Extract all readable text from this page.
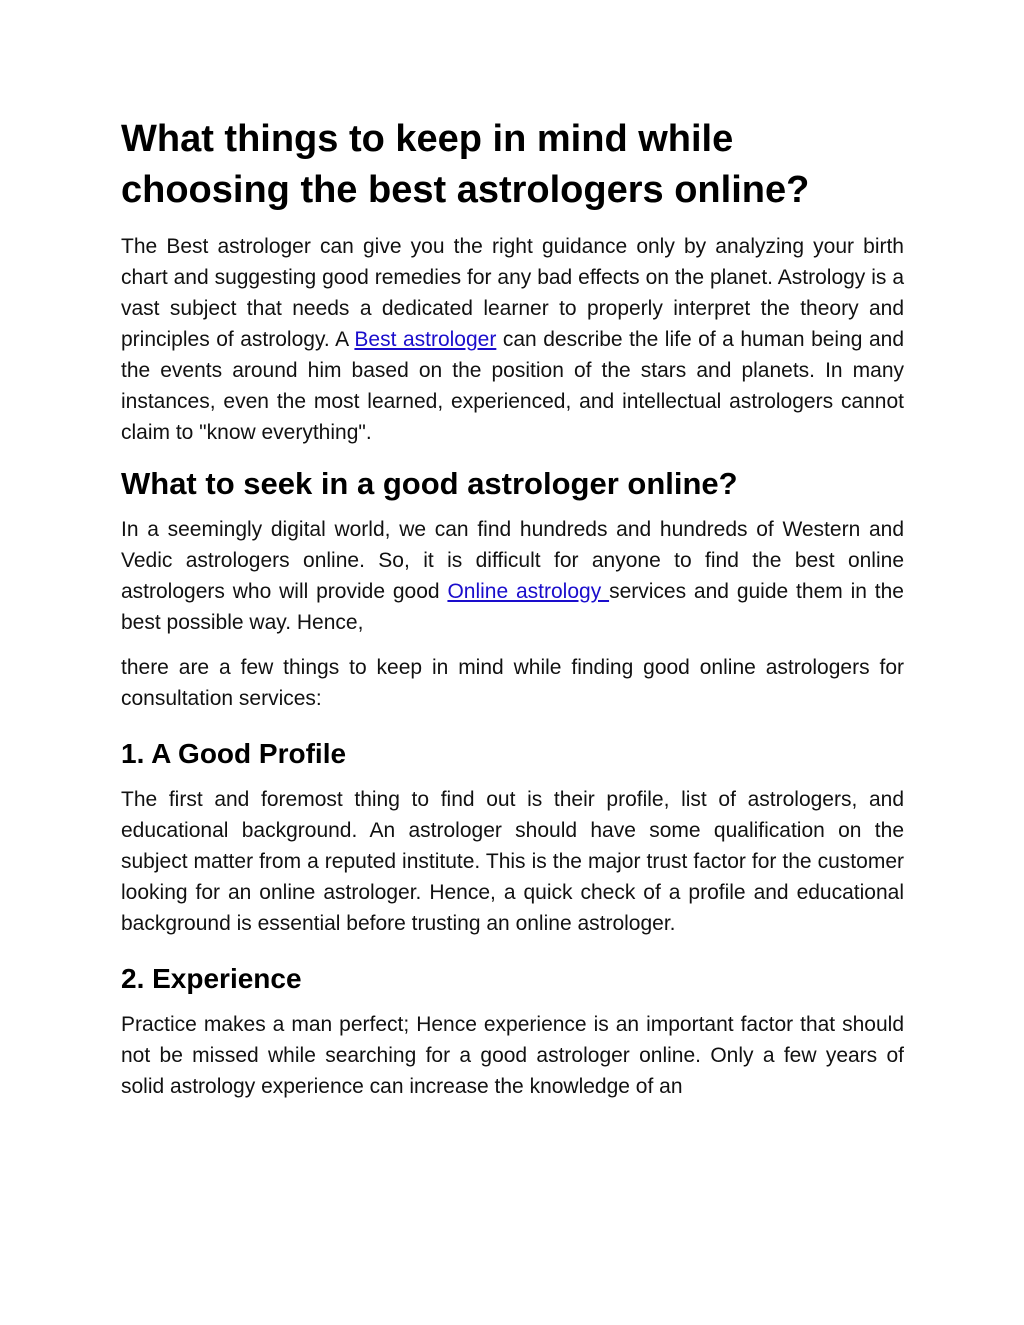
What things to keep in mind while choosing the best astrologers online?

The Best astrologer can give you the right guidance only by analyzing your birth chart and suggesting good remedies for any bad effects on the planet. Astrology is a vast subject that needs a dedicated learner to properly interpret the theory and principles of astrology. A Best astrologer can describe the life of a human being and the events around him based on the position of the stars and planets. In many instances, even the most learned, experienced, and intellectual astrologers cannot claim to "know everything".

What to seek in a good astrologer online?

In a seemingly digital world, we can find hundreds and hundreds of Western and Vedic astrologers online. So, it is difficult for anyone to find the best online astrologers who will provide good Online astrology services and guide them in the best possible way. Hence,

there are a few things to keep in mind while finding good online astrologers for consultation services:

1. A Good Profile

The first and foremost thing to find out is their profile, list of astrologers, and educational background. An astrologer should have some qualification on the subject matter from a reputed institute. This is the major trust factor for the customer looking for an online astrologer. Hence, a quick check of a profile and educational background is essential before trusting an online astrologer.

2. Experience

Practice makes a man perfect; Hence experience is an important factor that should not be missed while searching for a good astrologer online. Only a few years of solid astrology experience can increase the knowledge of an
